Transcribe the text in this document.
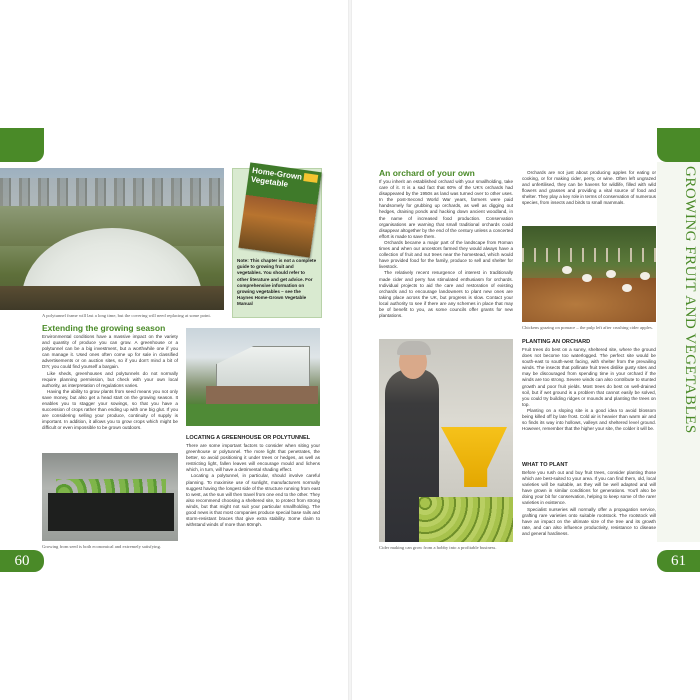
A polytunnel frame will last a long time, but the covering will need replacing at some point.
Home-Grown Vegetable
Note: This chapter is not a complete guide to growing fruit and vegetables. You should refer to other literature and get advice. For comprehensive information on growing vegetables – see the Haynes Home-Grown Vegetable Manual
Extending the growing season

Environmental conditions have a massive impact on the variety and quantity of produce you can grow. A greenhouse or a polytunnel can be a big investment, but a worthwhile one if you can manage it. Used ones often come up for sale in classified advertisements or on auction sites, so if you don't mind a bit of DIY, you could find yourself a bargain.

Like sheds, greenhouses and polytunnels do not normally require planning permission, but check with your own local authority, as interpretation of regulations varies.

Having the ability to grow plants from seed means you not only save money, but also get a head start on the growing season. It enables you to stagger your sowings, so that you have a succession of crops rather than ending up with one big glut. If you are considering selling your produce, continuity of supply is important. In addition, it allows you to grow crops which might be difficult or even impossible to be grown outdoors.

LOCATING A GREENHOUSE OR POLYTUNNEL

There are some important factors to consider when siting your greenhouse or polytunnel. The more light that penetrates, the better, so avoid positioning it under trees or hedges, as well as restricting light, fallen leaves will encourage mould and lichens which, in turn, will have a detrimental shading effect.

Locating a polytunnel, in particular, should involve careful planning. To maximise use of sunlight, manufacturers normally suggest having the longest side of the structure running from east to west, as the sun will then travel from one end to the other. They also recommend choosing a sheltered site, to protect from strong winds, but that might not suit your particular smallholding. The good news is that most companies produce special base rails and storm-resistant braces that give extra stability. Some claim to withstand winds of more than 60mph.

Growing from seed is both economical and extremely satisfying.
60
GROWING FRUIT AND VEGETABLES
An orchard of your own

If you inherit an established orchard with your smallholding, take care of it. It is a sad fact that 60% of the UK's orchards had disappeared by the 1950s as land was turned over to other uses. In the post-Second World War years, farmers were paid handsomely for grubbing up orchards, as well as digging out hedges, draining ponds and hacking down ancient woodland, in the name of increased food production. Conservation organisations are warning that small traditional orchards could disappear altogether by the end of the century unless a concerted effort is made to save them.

Orchards became a major part of the landscape from Roman times and when our ancestors farmed they would always have a collection of fruit and nut trees near the homestead, which would have provided food for the family, produce to sell and shelter for livestock.

The relatively recent resurgence of interest in traditionally made cider and perry has stimulated enthusiasm for orchards. Individual projects to aid the care and restoration of existing orchards and to encourage landowners to plant new ones are taking place across the UK, but progress is slow. Contact your local authority to see if there are any schemes in place that may be of benefit to you, as some councils offer grants for new plantations.

Orchards are not just about producing apples for eating or cooking, or for making cider, perry, or wine. Often left ungrazed and unfertilised, they can be havens for wildlife, filled with wild flowers and grasses and providing a vital source of food and shelter. They play a key role in terms of conservation of numerous species, from insects and birds to small mammals.

Chickens grazing on pomace – the pulp left after crushing cider apples.
Cider making can grow from a hobby into a profitable business.
PLANTING AN ORCHARD

Fruit trees do best on a sunny, sheltered site, where the ground does not become too waterlogged. The perfect site would be south-east to south-west facing, with shelter from the prevailing winds. The insects that pollinate fruit trees dislike gusty sites and may be discouraged from spending time in your orchard if the winds are too strong. Severe winds can also contribute to stunted growth and poor fruit yields. Most trees do best on well-drained soil, but if wet ground is a problem that cannot easily be solved, you could try building ridges or mounds and planting the trees on top.

Planting on a sloping site is a good idea to avoid blossom being killed off by late frost. Cold air is heavier than warm air and so finds its way into hollows, valleys and sheltered level ground. However, remember that the higher your site, the colder it will be.

WHAT TO PLANT

Before you rush out and buy fruit trees, consider planting those which are best-suited to your area. If you can find them, old, local varieties will be suitable, as they will be well adapted and will have grown in similar conditions for generations. You'll also be doing your bit for conservation, helping to keep some of the rarer varieties in existence.

Specialist nurseries will normally offer a propagation service, grafting rare varieties onto suitable rootstock. The rootstock will have an impact on the ultimate size of the tree and its growth rate, and can also influence productivity, resistance to disease and general hardiness.

61
